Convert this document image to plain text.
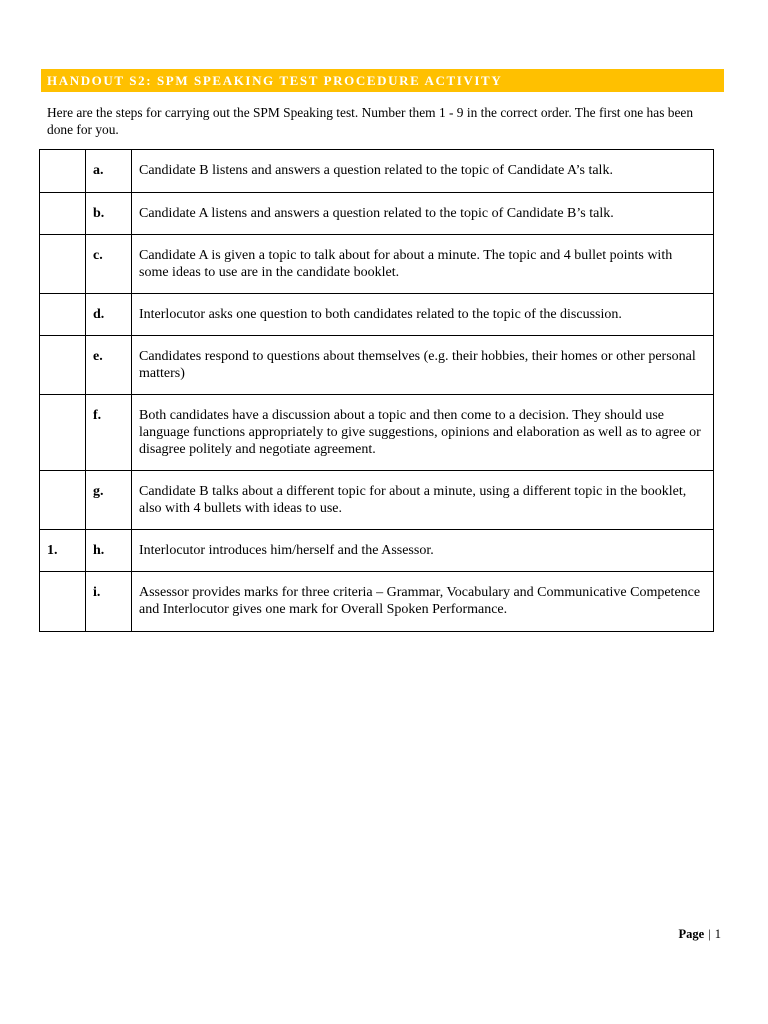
HANDOUT S2: SPM SPEAKING TEST PROCEDURE ACTIVITY
Here are the steps for carrying out the SPM Speaking test. Number them 1 - 9 in the correct order. The first one has been done for you.
	a.	Candidate B listens and answers a question related to the topic of Candidate A’s talk.
	b.	Candidate A listens and answers a question related to the topic of Candidate B’s talk.
	c.	Candidate A is given a topic to talk about for about a minute. The topic and 4 bullet points with some ideas to use are in the candidate booklet.
	d.	Interlocutor asks one question to both candidates related to the topic of the discussion.
	e.	Candidates respond to questions about themselves (e.g. their hobbies, their homes or other personal matters)
	f.	Both candidates have a discussion about a topic and then come to a decision. They should use language functions appropriately to give suggestions, opinions and elaboration as well as to agree or disagree politely and negotiate agreement.
	g.	Candidate B talks about a different topic for about a minute, using a different topic in the booklet, also with 4 bullets with ideas to use.
1.	h.	Interlocutor introduces him/herself and the Assessor.
	i.	Assessor provides marks for three criteria – Grammar, Vocabulary and Communicative Competence and Interlocutor gives one mark for Overall Spoken Performance.
Page | 1
